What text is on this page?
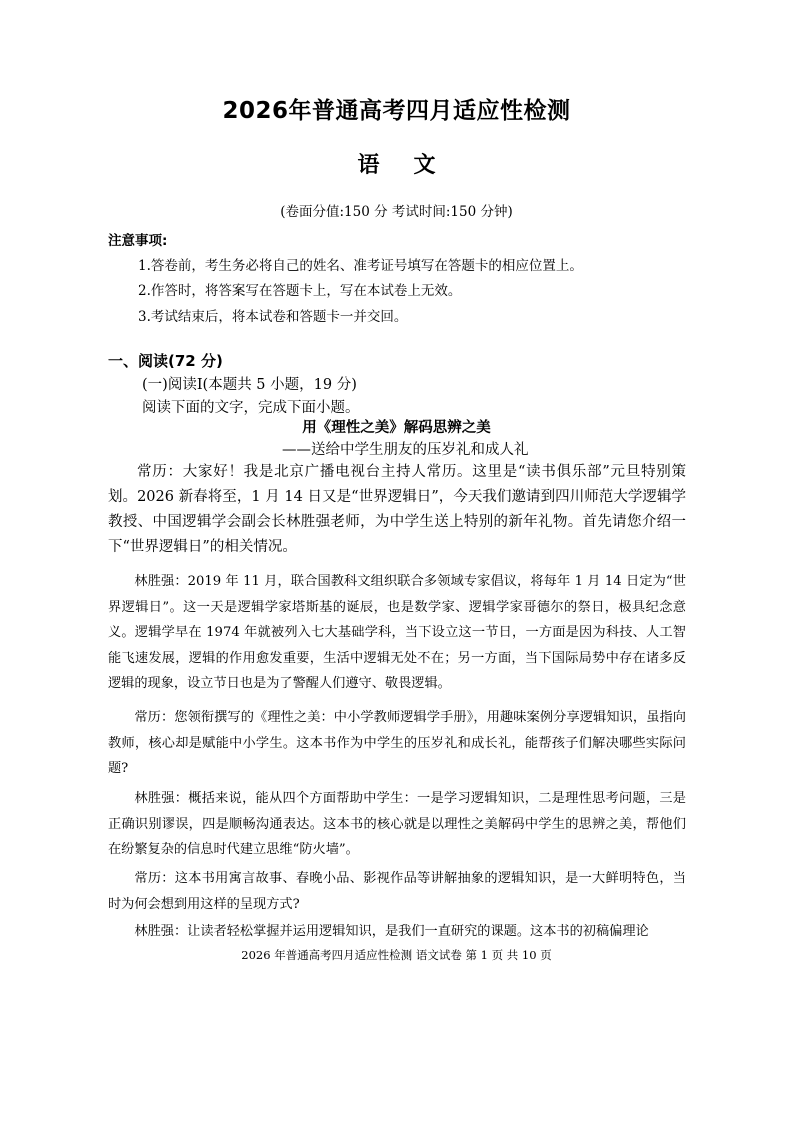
2026年普通高考四月适应性检测
语 文
(卷面分值:150 分 考试时间:150 分钟)
注意事项:
1.答卷前，考生务必将自己的姓名、准考证号填写在答题卡的相应位置上。
2.作答时，将答案写在答题卡上，写在本试卷上无效。
3.考试结束后，将本试卷和答题卡一并交回。
一、阅读(72 分)
(一)阅读Ⅰ(本题共 5 小题，19 分)
阅读下面的文字，完成下面小题。
用《理性之美》解码思辨之美
——送给中学生朋友的压岁礼和成人礼
常历：大家好！我是北京广播电视台主持人常历。这里是“读书俱乐部”元旦特别策划。2026 新春将至，1 月 14 日又是“世界逻辑日”，今天我们邀请到四川师范大学逻辑学教授、中国逻辑学会副会长林胜强老师，为中学生送上特别的新年礼物。首先请您介绍一下“世界逻辑日”的相关情况。
林胜强：2019 年 11 月，联合国教科文组织联合多领域专家倡议，将每年 1 月 14 日定为“世界逻辑日”。这一天是逻辑学家塔斯基的诞辰，也是数学家、逻辑学家哥德尔的祭日，极具纪念意义。逻辑学早在 1974 年就被列入七大基础学科，当下设立这一节日，一方面是因为科技、人工智能飞速发展，逻辑的作用愈发重要，生活中逻辑无处不在；另一方面，当下国际局势中存在诸多反逻辑的现象，设立节日也是为了警醒人们遵守、敬畏逻辑。
常历：您领衔撰写的《理性之美：中小学教师逻辑学手册》，用趣味案例分享逻辑知识，虽指向教师，核心却是赋能中小学生。这本书作为中学生的压岁礼和成长礼，能帮孩子们解决哪些实际问题?
林胜强：概括来说，能从四个方面帮助中学生：一是学习逻辑知识，二是理性思考问题，三是正确识别谬误，四是顺畅沟通表达。这本书的核心就是以理性之美解码中学生的思辨之美，帮他们在纷繁复杂的信息时代建立思维“防火墙”。
常历：这本书用寓言故事、春晚小品、影视作品等讲解抽象的逻辑知识，是一大鲜明特色，当时为何会想到用这样的呈现方式?
林胜强：让读者轻松掌握并运用逻辑知识，是我们一直研究的课题。这本书的初稿偏理论
2026 年普通高考四月适应性检测 语文试卷 第 1 页 共 10 页
